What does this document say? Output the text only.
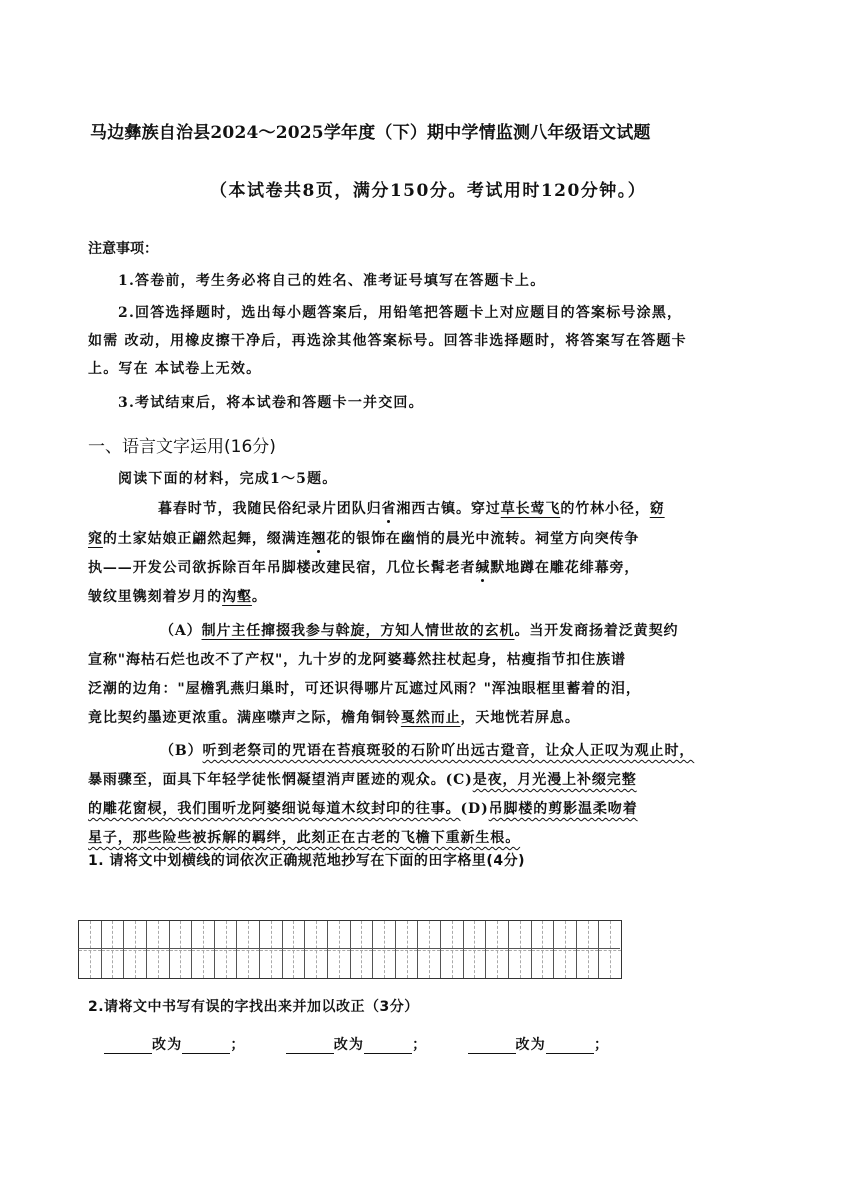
马边彝族自治县2024～2025学年度（下）期中学情监测八年级语文试题
（本试卷共8页，满分150分。考试用时120分钟。）
注意事项：
1.答卷前，考生务必将自己的姓名、准考证号填写在答题卡上。
2.回答选择题时，选出每小题答案后，用铅笔把答题卡上对应题目的答案标号涂黑，
如需 改动，用橡皮擦干净后，再选涂其他答案标号。回答非选择题时，将答案写在答题卡
上。写在 本试卷上无效。
3.考试结束后，将本试卷和答题卡一并交回。
一、语言文字运用(16分)
阅读下面的材料，完成1～5题。
暮春时节，我随民俗纪录片团队归省湘西古镇。穿过草长莺飞的竹林小径，窈
窕的土家姑娘正翩然起舞，缀满连翘花的银饰在幽悄的晨光中流转。祠堂方向突传争
执——开发公司欲拆除百年吊脚楼改建民宿，几位长髯老者缄默地蹲在雕花绯幕旁，
皱纹里镌刻着岁月的沟壑。
（A）制片主任撺掇我参与斡旋，方知人情世故的玄机。当开发商扬着泛黄契约
宣称"海枯石烂也改不了产权"，九十岁的龙阿婆蓦然拄杖起身，枯瘦指节扣住族谱
泛潮的边角："屋檐乳燕归巢时，可还识得哪片瓦遮过风雨？"浑浊眼框里蓄着的泪，
竟比契约墨迹更浓重。满座噤声之际，檐角铜铃戛然而止，天地恍若屏息。
（B）听到老祭司的咒语在苔痕斑驳的石阶吖出远古跫音，让众人正叹为观止时，
暴雨骤至，面具下年轻学徒怅惘凝望消声匿迹的观众。(C)是夜，月光漫上补缀完整
的雕花窗棂，我们围听龙阿婆细说每道木纹封印的往事。(D)吊脚楼的剪影温柔吻着
星子，那些险些被拆解的羁绊，此刻正在古老的飞檐下重新生根。
1. 请将文中划横线的词依次正确规范地抄写在下面的田字格里(4分)
2.请将文中书写有误的字找出来并加以改正（3分）
改为	；	改为	；	改为	；
